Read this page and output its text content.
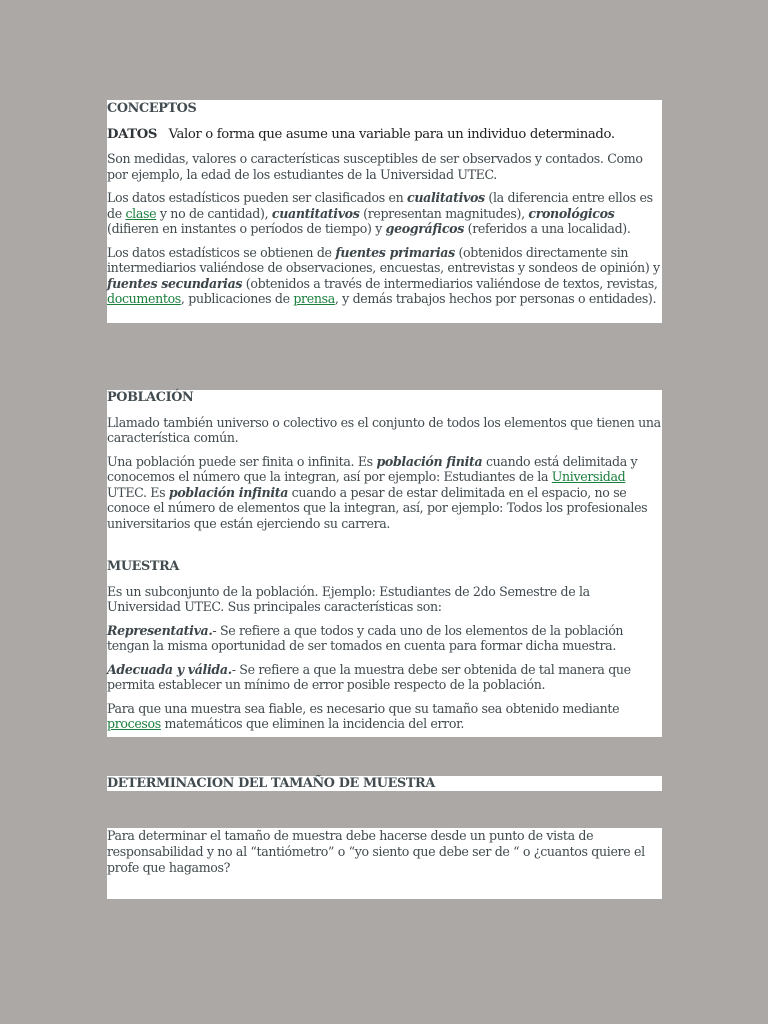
CONCEPTOS

DATOS Valor o forma que asume una variable para un individuo determinado.

Son medidas, valores o características susceptibles de ser observados y contados. Como por ejemplo, la edad de los estudiantes de la Universidad UTEC.

Los datos estadísticos pueden ser clasificados en cualitativos (la diferencia entre ellos es de clase y no de cantidad), cuantitativos (representan magnitudes), cronológicos (difieren en instantes o períodos de tiempo) y geográficos (referidos a una localidad).

Los datos estadísticos se obtienen de fuentes primarias (obtenidos directamente sin intermediarios valiéndose de observaciones, encuestas, entrevistas y sondeos de opinión) y fuentes secundarias (obtenidos a través de intermediarios valiéndose de textos, revistas, documentos, publicaciones de prensa, y demás trabajos hechos por personas o entidades).

POBLACIÓN

Llamado también universo o colectivo es el conjunto de todos los elementos que tienen una característica común.

Una población puede ser finita o infinita. Es población finita cuando está delimitada y conocemos el número que la integran, así por ejemplo: Estudiantes de la Universidad UTEC. Es población infinita cuando a pesar de estar delimitada en el espacio, no se conoce el número de elementos que la integran, así, por ejemplo: Todos los profesionales universitarios que están ejerciendo su carrera.

MUESTRA

Es un subconjunto de la población. Ejemplo: Estudiantes de 2do Semestre de la Universidad UTEC. Sus principales características son:

Representativa.- Se refiere a que todos y cada uno de los elementos de la población tengan la misma oportunidad de ser tomados en cuenta para formar dicha muestra.

Adecuada y válida.- Se refiere a que la muestra debe ser obtenida de tal manera que permita establecer un mínimo de error posible respecto de la población.

Para que una muestra sea fiable, es necesario que su tamaño sea obtenido mediante procesos matemáticos que eliminen la incidencia del error.

DETERMINACION DEL TAMAÑO DE MUESTRA

Para determinar el tamaño de muestra debe hacerse desde un punto de vista de responsabilidad y no al “tantiómetro” o “yo siento que debe ser de “ o ¿cuantos quiere el profe que hagamos?
